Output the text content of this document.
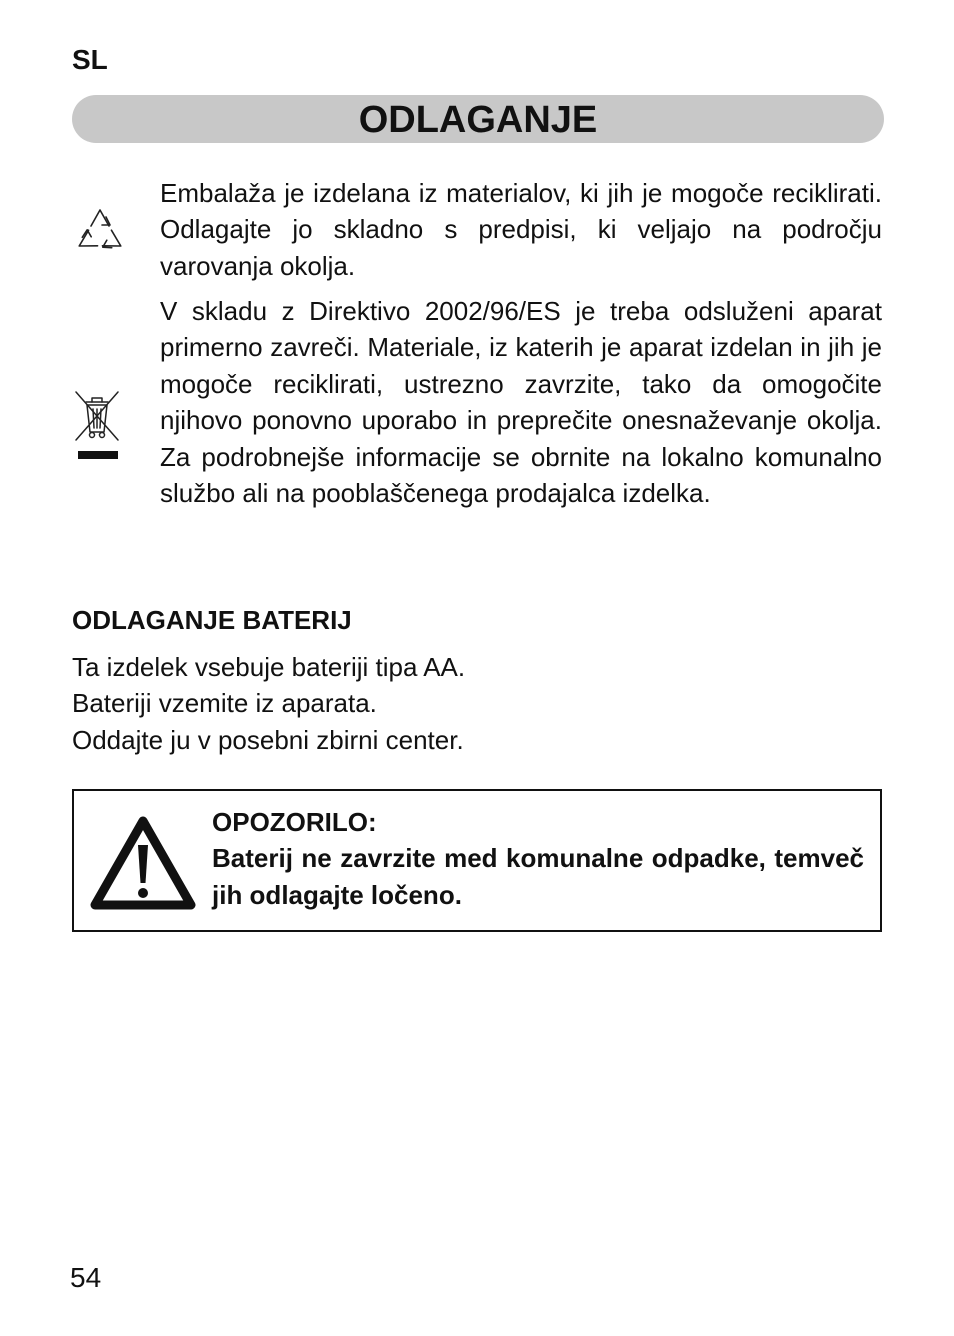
SL
ODLAGANJE

Embalaža je izdelana iz materialov, ki jih je mogoče reciklirati. Odlagajte jo skladno s predpisi, ki veljajo na področju varovanja okolja.

V skladu z Direktivo 2002/96/ES je treba odsluženi aparat primerno zavreči. Materiale, iz katerih je aparat izdelan in jih je mogoče reciklirati, ustrezno zavrzite, tako da omogočite njihovo ponovno uporabo in preprečite onesnaževanje okolja. Za podrobnejše informacije se obrnite na lokalno komunalno službo ali na pooblaščenega prodajalca izdelka.

ODLAGANJE BATERIJ
Ta izdelek vsebuje bateriji tipa AA.
Bateriji vzemite iz aparata.
Oddajte ju v posebni zbirni center.
OPOZORILO:
Baterij ne zavrzite med komunalne odpadke, temveč jih odlagajte ločeno.
54
